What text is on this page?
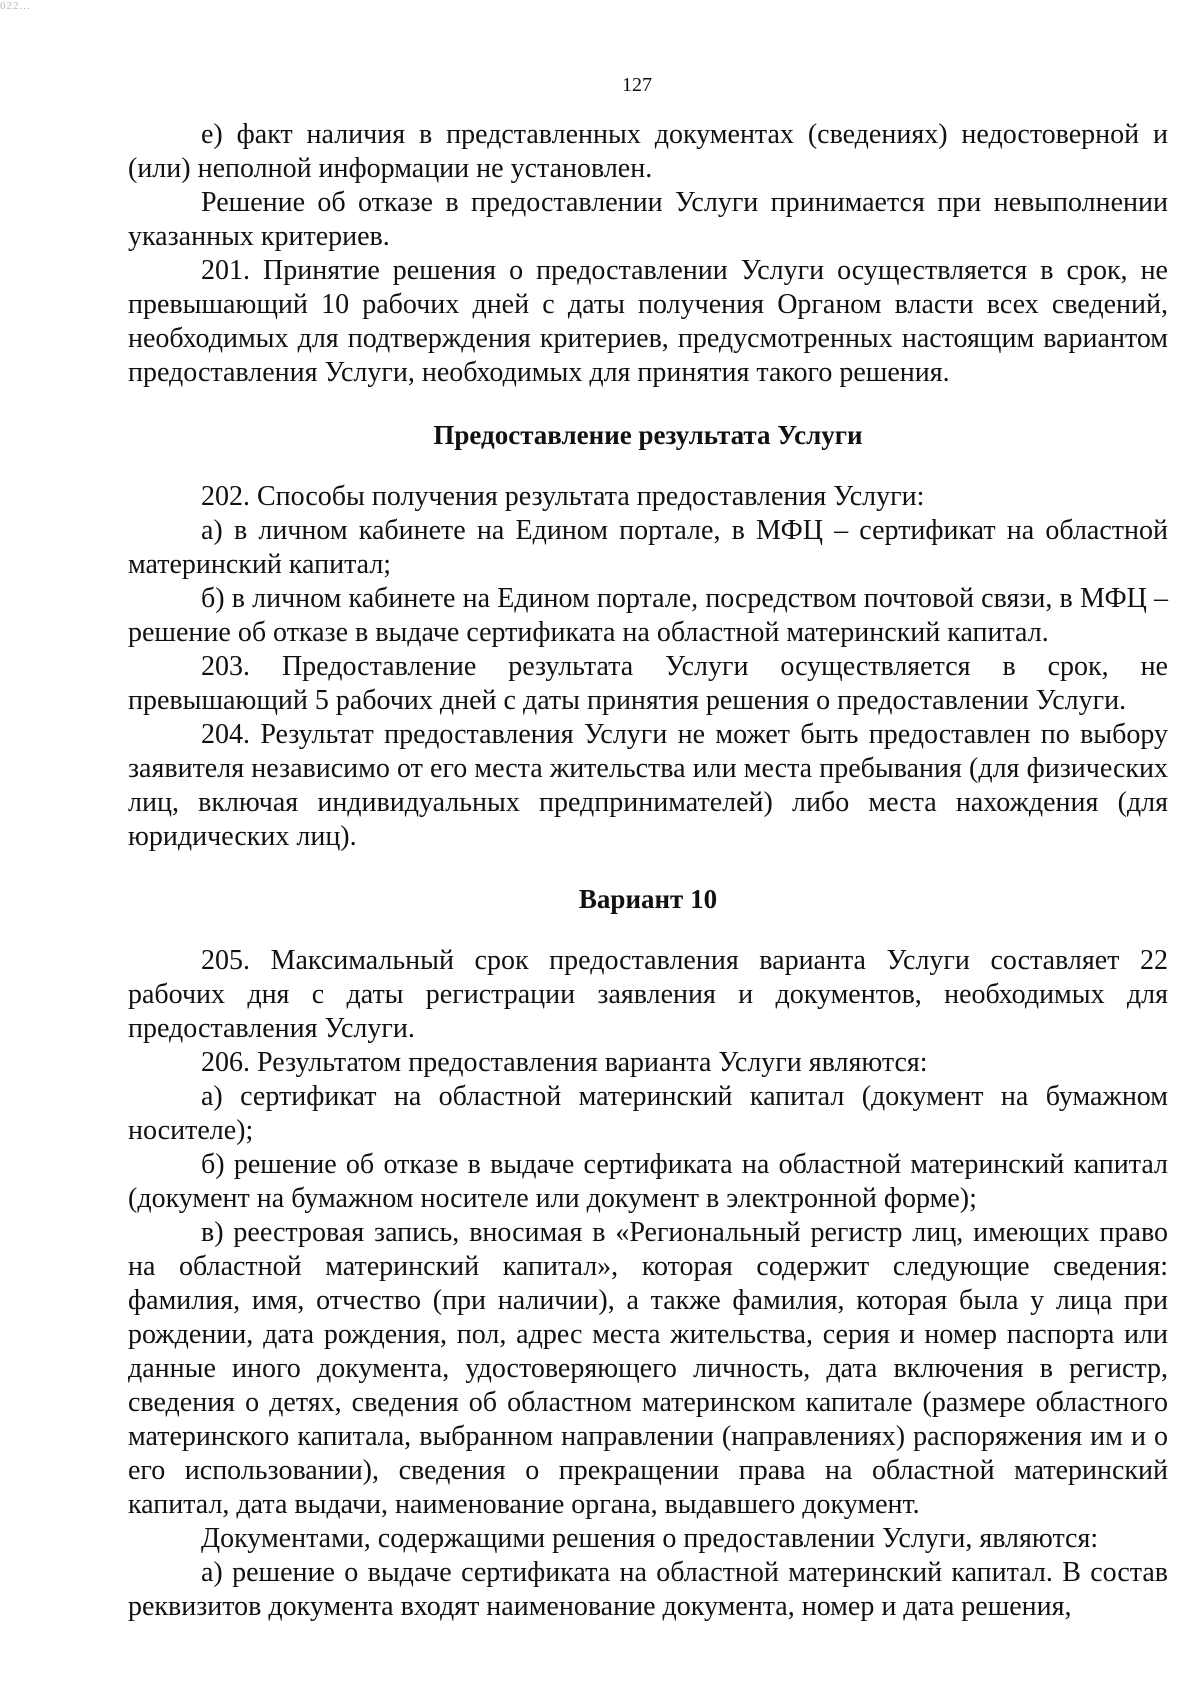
022...
127

е) факт наличия в представленных документах (сведениях) недостоверной и (или) неполной информации не установлен.

Решение об отказе в предоставлении Услуги принимается при невыполнении указанных критериев.

201. Принятие решения о предоставлении Услуги осуществляется в срок, не превышающий 10 рабочих дней с даты получения Органом власти всех сведений, необходимых для подтверждения критериев, предусмотренных настоящим вариантом предоставления Услуги, необходимых для принятия такого решения.

Предоставление результата Услуги

202. Способы получения результата предоставления Услуги:

а) в личном кабинете на Едином портале, в МФЦ – сертификат на областной материнский капитал;

б) в личном кабинете на Едином портале, посредством почтовой связи, в МФЦ – решение об отказе в выдаче сертификата на областной материнский капитал.

203. Предоставление результата Услуги осуществляется в срок, не превышающий 5 рабочих дней с даты принятия решения о предоставлении Услуги.

204. Результат предоставления Услуги не может быть предоставлен по выбору заявителя независимо от его места жительства или места пребывания (для физических лиц, включая индивидуальных предпринимателей) либо места нахождения (для юридических лиц).

Вариант 10

205. Максимальный срок предоставления варианта Услуги составляет 22 рабочих дня с даты регистрации заявления и документов, необходимых для предоставления Услуги.

206. Результатом предоставления варианта Услуги являются:

а) сертификат на областной материнский капитал (документ на бумажном носителе);

б) решение об отказе в выдаче сертификата на областной материнский капитал (документ на бумажном носителе или документ в электронной форме);

в) реестровая запись, вносимая в «Региональный регистр лиц, имеющих право на областной материнский капитал», которая содержит следующие сведения: фамилия, имя, отчество (при наличии), а также фамилия, которая была у лица при рождении, дата рождения, пол, адрес места жительства, серия и номер паспорта или данные иного документа, удостоверяющего личность, дата включения в регистр, сведения о детях, сведения об областном материнском капитале (размере областного материнского капитала, выбранном направлении (направлениях) распоряжения им и о его использовании), сведения о прекращении права на областной материнский капитал, дата выдачи, наименование органа, выдавшего документ.

Документами, содержащими решения о предоставлении Услуги, являются:

а) решение о выдаче сертификата на областной материнский капитал. В состав реквизитов документа входят наименование документа, номер и дата решения,
